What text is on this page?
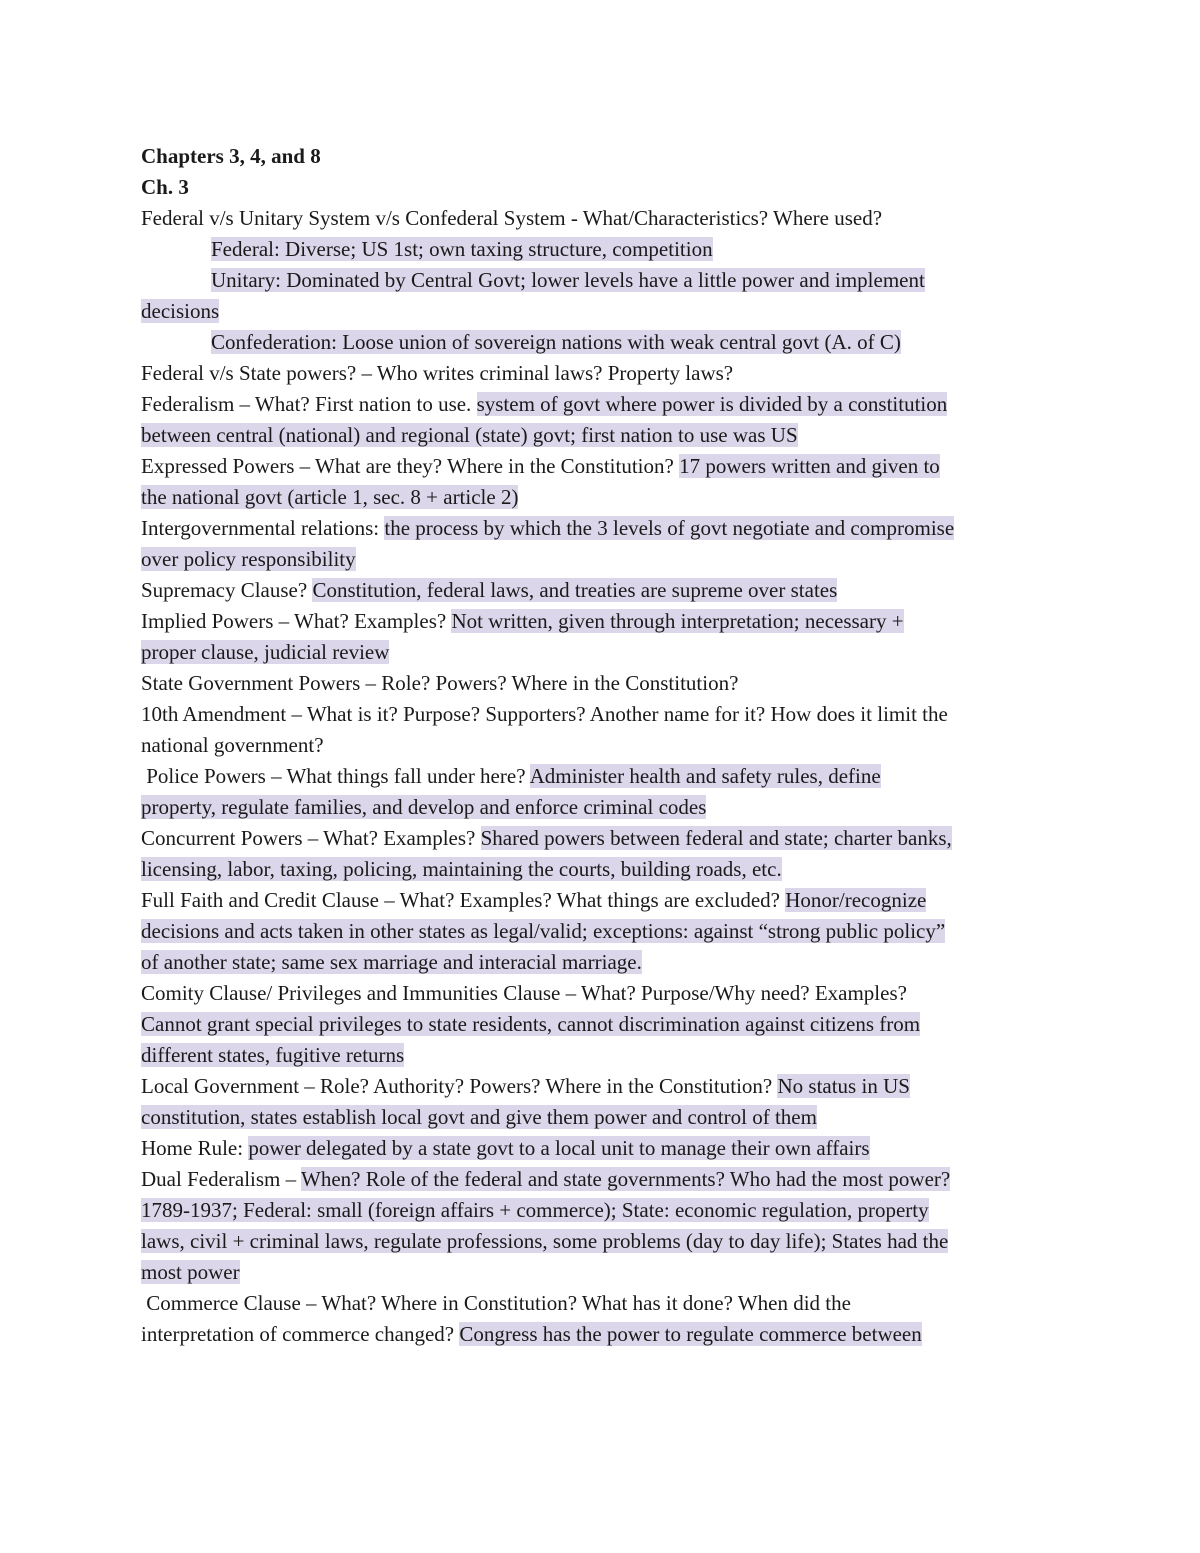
Chapters 3, 4, and 8
Ch. 3
Federal v/s Unitary System v/s Confederal System - What/Characteristics? Where used?
Federal: Diverse; US 1st; own taxing structure, competition
Unitary: Dominated by Central Govt; lower levels have a little power and implement
decisions
Confederation: Loose union of sovereign nations with weak central govt (A. of C)
Federal v/s State powers? – Who writes criminal laws? Property laws?
Federalism – What? First nation to use. system of govt where power is divided by a constitution
between central (national) and regional (state) govt; first nation to use was US
Expressed Powers – What are they? Where in the Constitution? 17 powers written and given to
the national govt (article 1, sec. 8 + article 2)
Intergovernmental relations: the process by which the 3 levels of govt negotiate and compromise
over policy responsibility
Supremacy Clause? Constitution, federal laws, and treaties are supreme over states
Implied Powers – What? Examples? Not written, given through interpretation; necessary +
proper clause, judicial review
State Government Powers – Role? Powers? Where in the Constitution?
10th Amendment – What is it? Purpose? Supporters? Another name for it? How does it limit the
national government?
Police Powers – What things fall under here? Administer health and safety rules, define
property, regulate families, and develop and enforce criminal codes
Concurrent Powers – What? Examples? Shared powers between federal and state; charter banks,
licensing, labor, taxing, policing, maintaining the courts, building roads, etc.
Full Faith and Credit Clause – What? Examples? What things are excluded? Honor/recognize
decisions and acts taken in other states as legal/valid; exceptions: against “strong public policy”
of another state; same sex marriage and interacial marriage.
Comity Clause/ Privileges and Immunities Clause – What? Purpose/Why need? Examples?
Cannot grant special privileges to state residents, cannot discrimination against citizens from
different states, fugitive returns
Local Government – Role? Authority? Powers? Where in the Constitution? No status in US
constitution, states establish local govt and give them power and control of them
Home Rule: power delegated by a state govt to a local unit to manage their own affairs
Dual Federalism – When? Role of the federal and state governments? Who had the most power?
1789-1937; Federal: small (foreign affairs + commerce); State: economic regulation, property
laws, civil + criminal laws, regulate professions, some problems (day to day life); States had the
most power
Commerce Clause – What? Where in Constitution? What has it done? When did the
interpretation of commerce changed? Congress has the power to regulate commerce between
